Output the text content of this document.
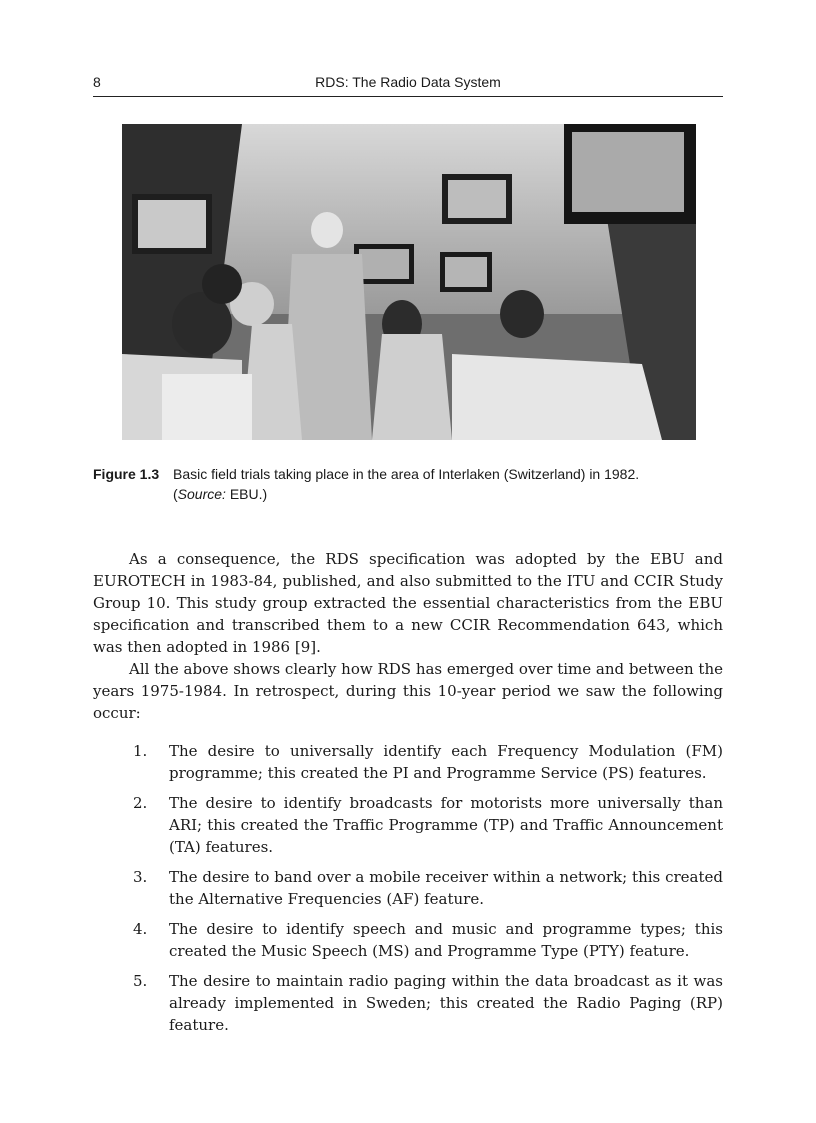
8	RDS: The Radio Data System
Figure 1.3 Basic field trials taking place in the area of Interlaken (Switzerland) in 1982.
(Source: EBU.)

As a consequence, the RDS specification was adopted by the EBU and EUROTECH in 1983-84, published, and also submitted to the ITU and CCIR Study Group 10. This study group extracted the essential characteristics from the EBU specification and transcribed them to a new CCIR Recommendation 643, which was then adopted in 1986 [9].

All the above shows clearly how RDS has emerged over time and between the years 1975-1984. In retrospect, during this 10-year period we saw the following occur:

1. The desire to universally identify each Frequency Modulation (FM) programme; this created the PI and Programme Service (PS) features.
2. The desire to identify broadcasts for motorists more universally than ARI; this created the Traffic Programme (TP) and Traffic Announcement (TA) features.
3. The desire to band over a mobile receiver within a network; this created the Alternative Frequencies (AF) feature.
4. The desire to identify speech and music and programme types; this created the Music Speech (MS) and Programme Type (PTY) feature.
5. The desire to maintain radio paging within the data broadcast as it was already implemented in Sweden; this created the Radio Paging (RP) feature.
